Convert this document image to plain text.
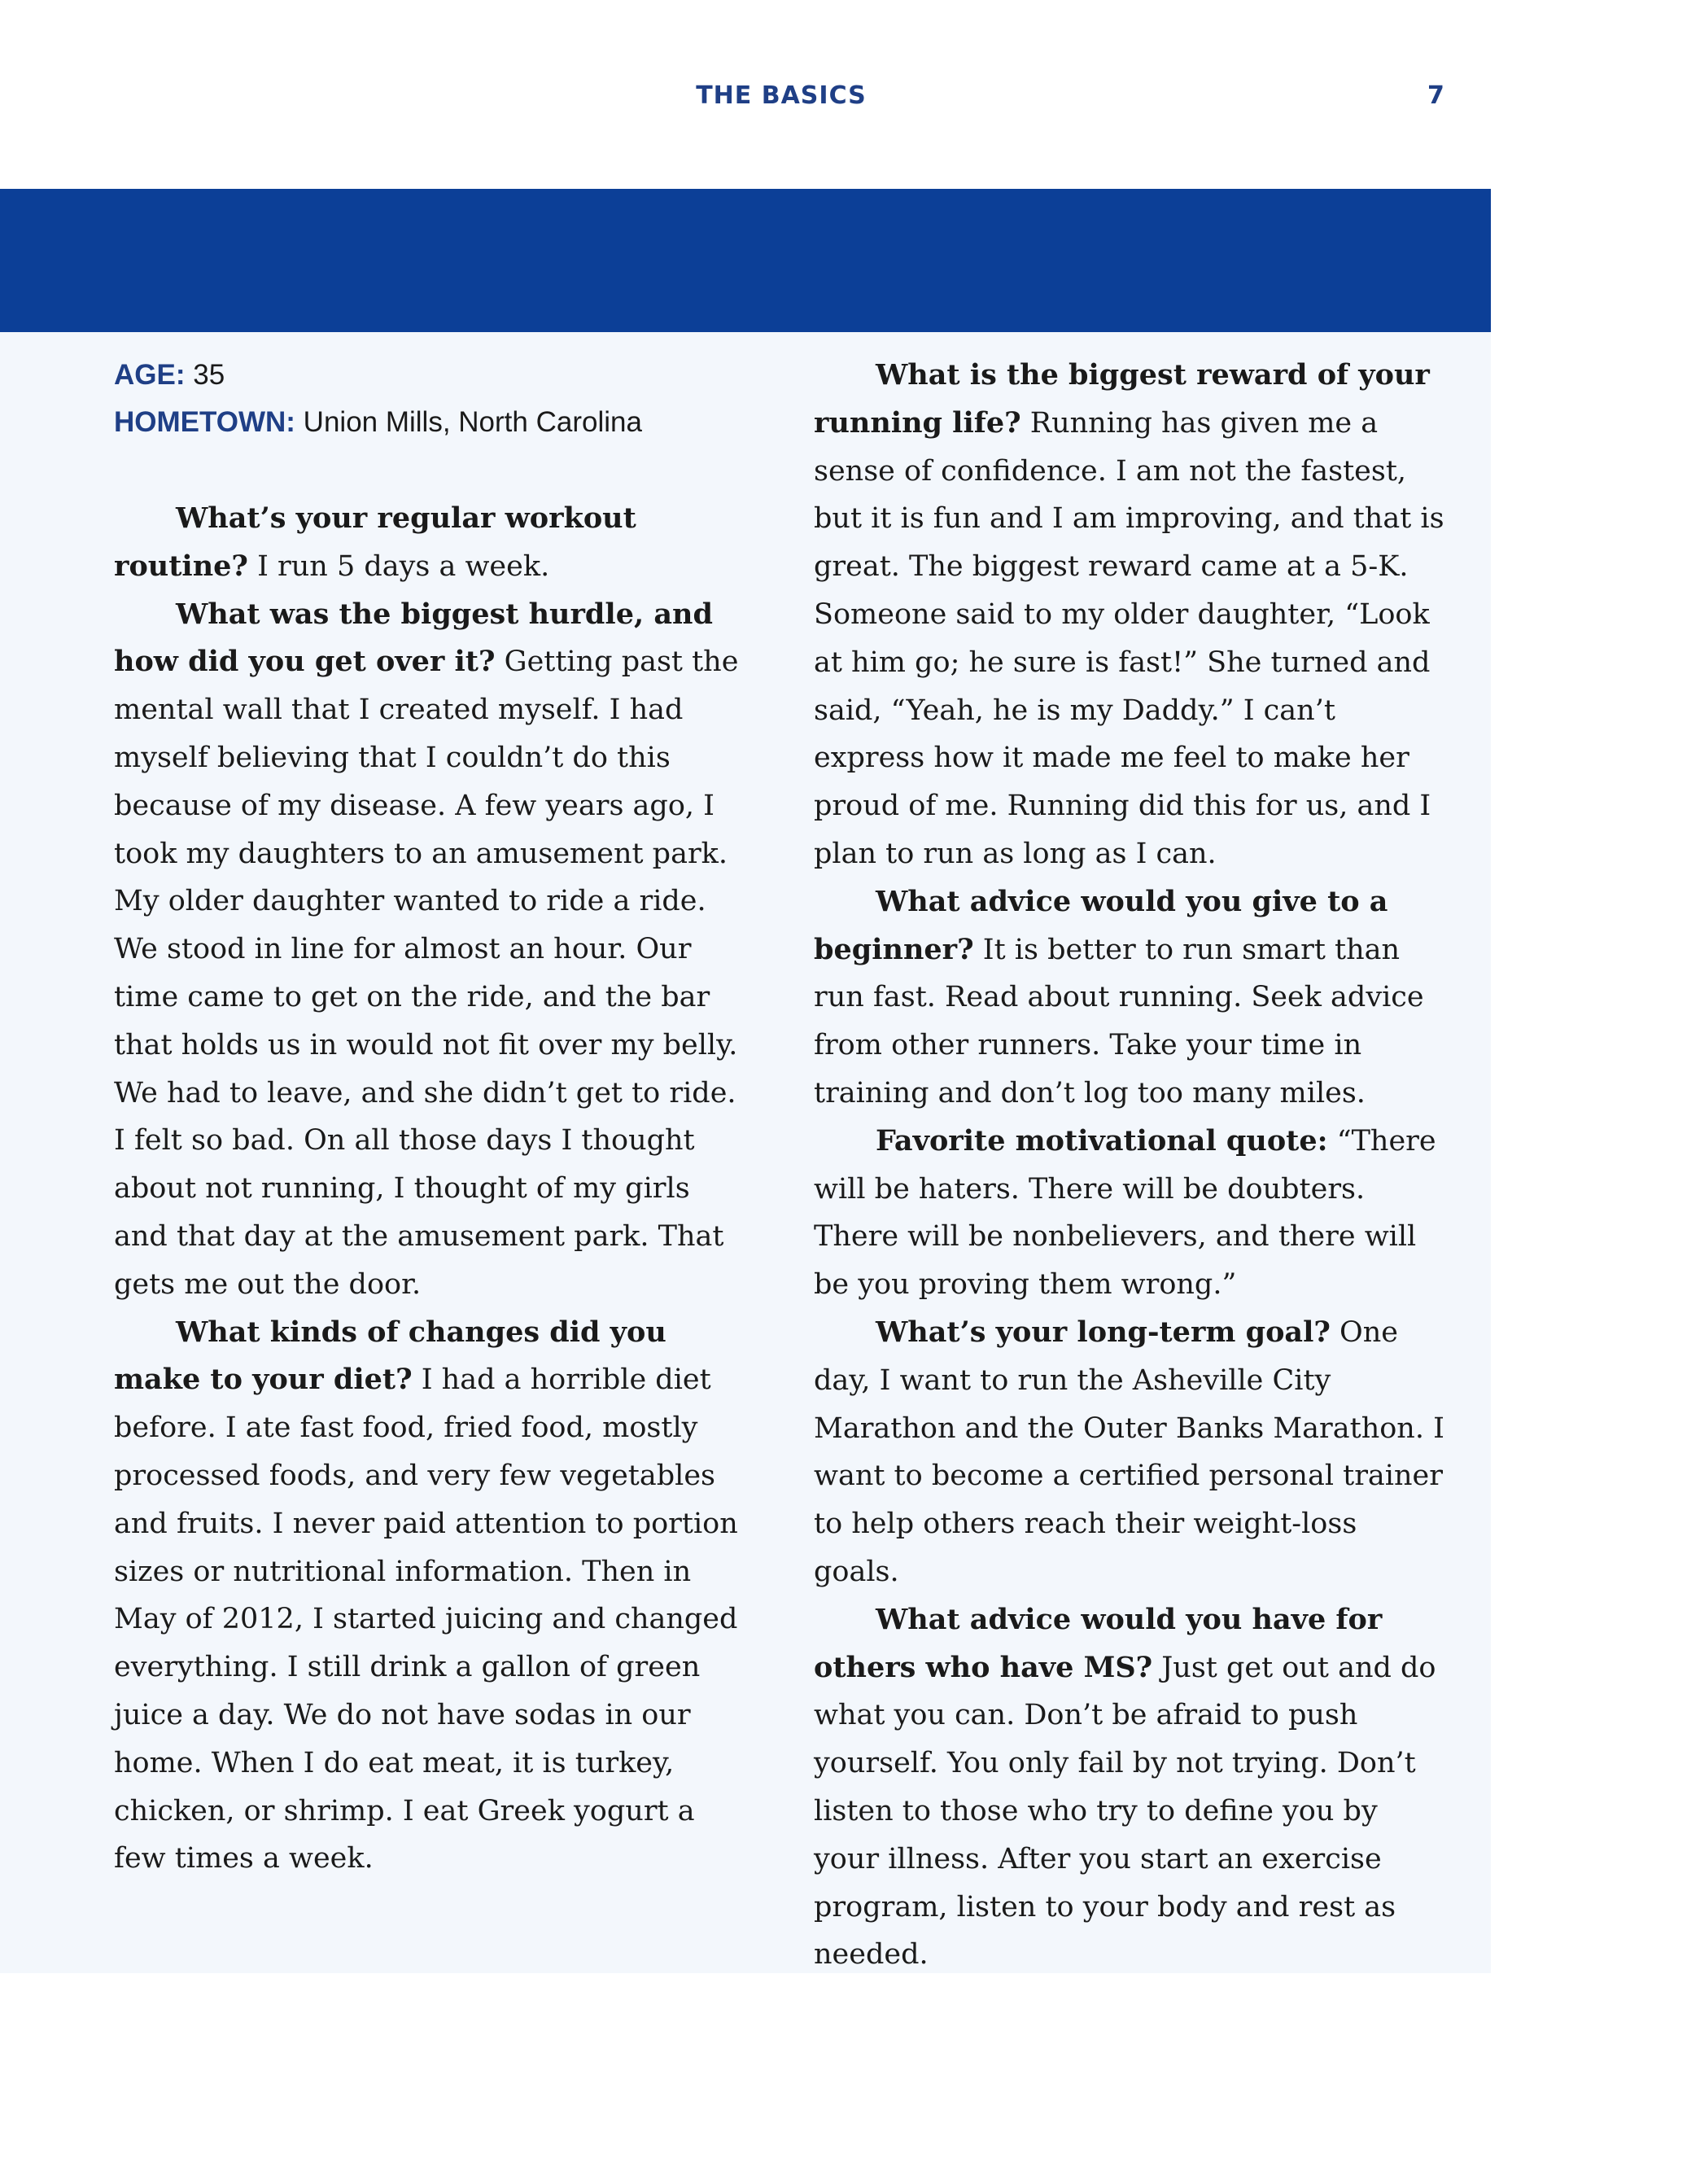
THE BASICS	7

AGE: 35

HOMETOWN: Union Mills, North Carolina

What’s your regular workout routine? I run 5 days a week.

What was the biggest hurdle, and how did you get over it? Getting past the mental wall that I created myself. I had myself believing that I couldn’t do this because of my disease. A few years ago, I took my daughters to an amusement park. My older daughter wanted to ride a ride. We stood in line for almost an hour. Our time came to get on the ride, and the bar that holds us in would not fit over my belly. We had to leave, and she didn’t get to ride. I felt so bad. On all those days I thought about not running, I thought of my girls and that day at the amusement park. That gets me out the door.

What kinds of changes did you make to your diet? I had a horrible diet before. I ate fast food, fried food, mostly processed foods, and very few vegetables and fruits. I never paid attention to portion sizes or nutritional information. Then in May of 2012, I started juicing and changed everything. I still drink a gallon of green juice a day. We do not have sodas in our home. When I do eat meat, it is turkey, chicken, or shrimp. I eat Greek yogurt a few times a week.

What is the biggest reward of your running life? Running has given me a sense of confidence. I am not the fastest, but it is fun and I am improving, and that is great. The biggest reward came at a 5-K. Someone said to my older daughter, “Look at him go; he sure is fast!” She turned and said, “Yeah, he is my Daddy.” I can’t express how it made me feel to make her proud of me. Running did this for us, and I plan to run as long as I can.

What advice would you give to a beginner? It is better to run smart than run fast. Read about running. Seek advice from other runners. Take your time in training and don’t log too many miles.

Favorite motivational quote: “There will be haters. There will be doubters. There will be nonbelievers, and there will be you proving them wrong.”

What’s your long-term goal? One day, I want to run the Asheville City Marathon and the Outer Banks Marathon. I want to become a certified personal trainer to help others reach their weight-loss goals.

What advice would you have for others who have MS? Just get out and do what you can. Don’t be afraid to push yourself. You only fail by not trying. Don’t listen to those who try to define you by your illness. After you start an exercise program, listen to your body and rest as needed.
